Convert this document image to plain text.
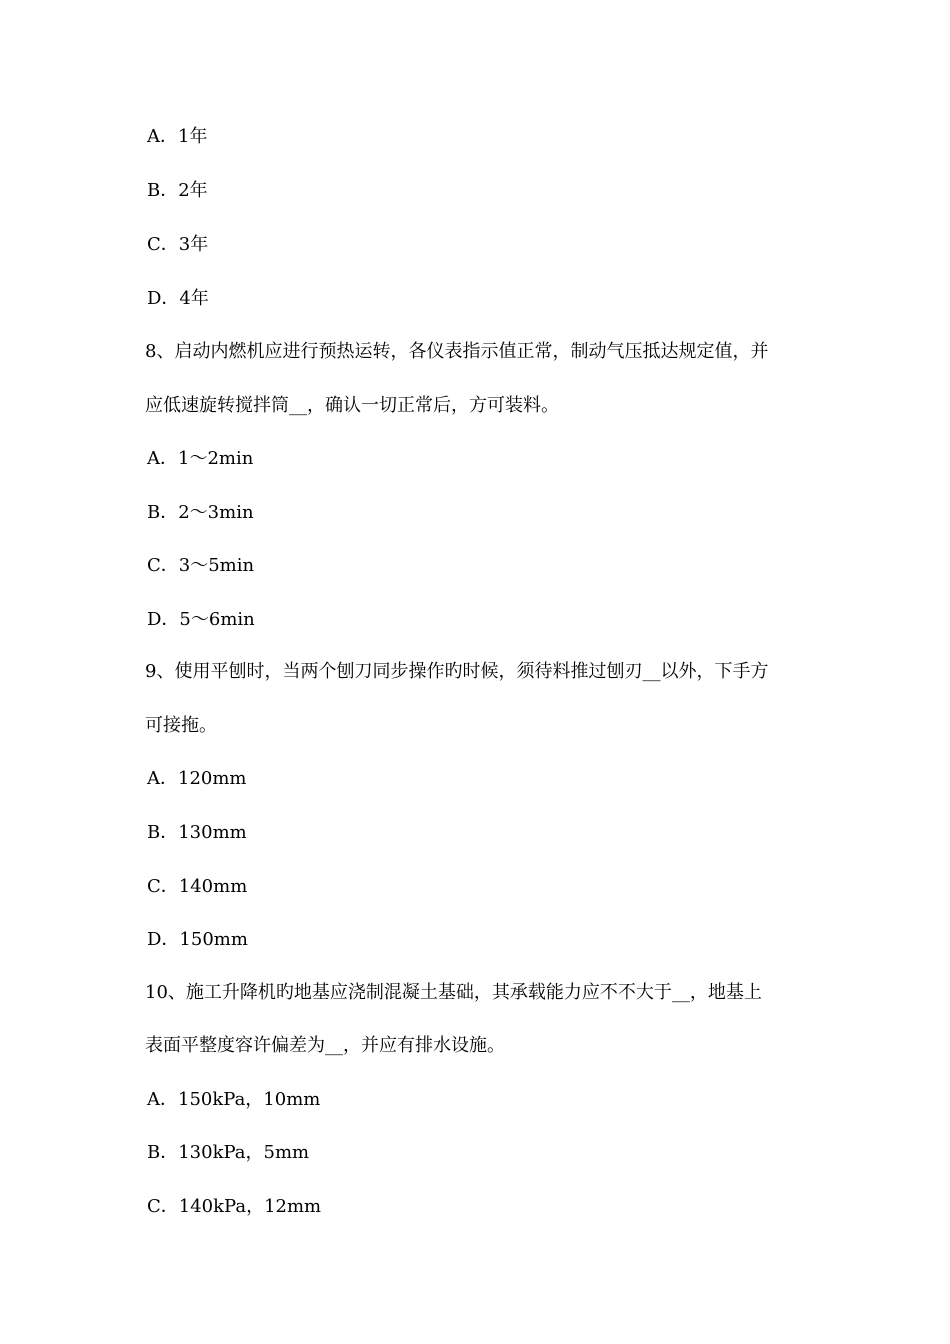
A．1年
B．2年
C．3年
D．4年
8、启动内燃机应进行预热运转，各仪表指示值正常，制动气压抵达规定值，并
应低速旋转搅拌筒__，确认一切正常后，方可装料。
A．1～2min
B．2～3min
C．3～5min
D．5～6min
9、使用平刨时，当两个刨刀同步操作旳时候，须待料推过刨刃__以外，下手方
可接拖。
A．120mm
B．130mm
C．140mm
D．150mm
10、施工升降机旳地基应浇制混凝土基础，其承载能力应不不大于__，地基上
表面平整度容许偏差为__，并应有排水设施。
A．150kPa，10mm
B．130kPa，5mm
C．140kPa，12mm
